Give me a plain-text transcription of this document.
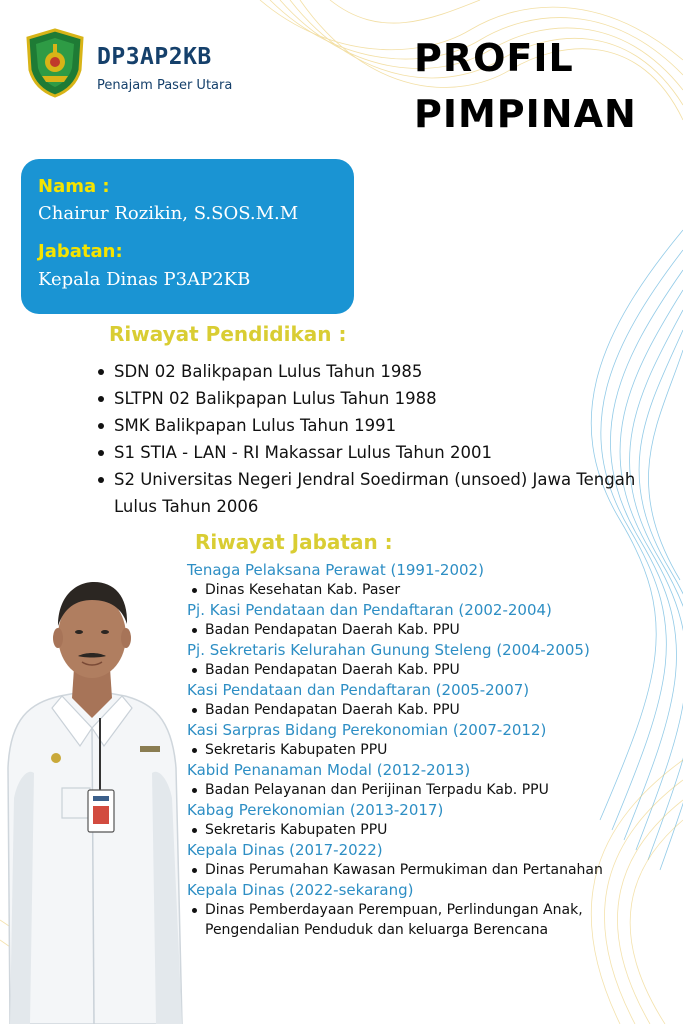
DP3AP2KB
Penajam Paser Utara
PROFIL
PIMPINAN
Nama :
Chairur Rozikin, S.SOS.M.M
Jabatan:
Kepala Dinas P3AP2KB
Riwayat Pendidikan :
SDN 02 Balikpapan Lulus Tahun 1985
SLTPN 02 Balikpapan Lulus Tahun 1988
SMK Balikpapan Lulus Tahun 1991
S1 STIA - LAN - RI Makassar Lulus Tahun 2001
S2 Universitas Negeri Jendral Soedirman (unsoed) Jawa Tengah Lulus Tahun 2006
Riwayat Jabatan :
Tenaga Pelaksana Perawat (1991-2002)
Dinas Kesehatan Kab. Paser
Pj. Kasi Pendataan dan Pendaftaran (2002-2004)
Badan Pendapatan Daerah Kab. PPU
Pj. Sekretaris Kelurahan Gunung Steleng (2004-2005)
Badan Pendapatan Daerah Kab. PPU
Kasi Pendataan dan Pendaftaran (2005-2007)
Badan Pendapatan Daerah Kab. PPU
Kasi Sarpras Bidang Perekonomian (2007-2012)
Sekretaris Kabupaten PPU
Kabid Penanaman Modal (2012-2013)
Badan Pelayanan dan Perijinan Terpadu Kab. PPU
Kabag Perekonomian (2013-2017)
Sekretaris Kabupaten PPU
Kepala Dinas (2017-2022)
Dinas Perumahan Kawasan Permukiman dan Pertanahan
Kepala Dinas (2022-sekarang)
Dinas Pemberdayaan Perempuan, Perlindungan Anak, Pengendalian Penduduk dan keluarga Berencana
